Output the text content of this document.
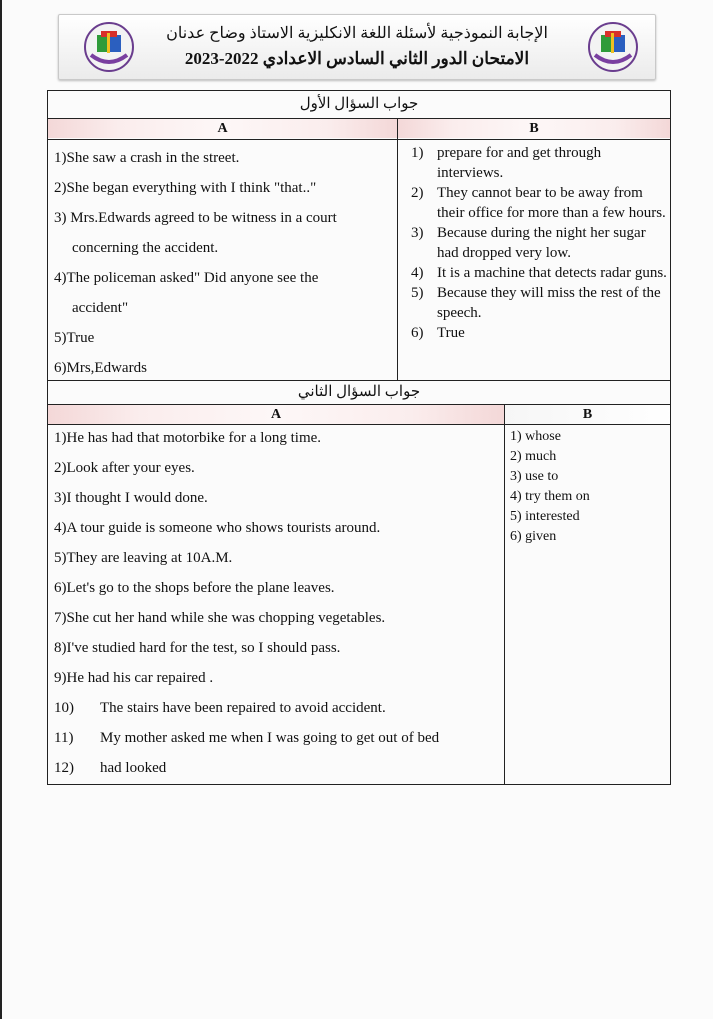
الإجابة النموذجية لأسئلة اللغة الانكليزية الاستاذ وضاح عدنان
الامتحان الدور الثاني السادس الاعدادي 2022-2023
جواب السؤال الأول
A	B
1)She saw a crash in the street.
2)She began everything with I think "that.."
3) Mrs.Edwards agreed to be witness in a court
concerning the accident.
4)The policeman asked" Did anyone see the
accident"
5)True
6)Mrs,Edwards
1) prepare for and get through interviews.
2) They cannot bear to be away from their office for more than a few hours.
3) Because during the night her sugar had dropped very low.
4) It is a machine that detects radar guns.
5) Because they will miss the rest of the speech.
6) True
جواب السؤال الثاني
A	B
1)He has had that motorbike for a long time.
2)Look after your eyes.
3)I thought I would done.
4)A tour guide is someone who shows tourists around.
5)They are leaving at 10A.M.
6)Let's go to the shops before the plane leaves.
7)She cut her hand while she was chopping vegetables.
8)I've studied hard for the test, so I should pass.
9)He had his car repaired .
10) The stairs have been repaired to avoid accident.
11) My mother asked me when I was going to get out of bed
12) had looked
1) whose
2) much
3) use to
4) try them on
5) interested
6) given
